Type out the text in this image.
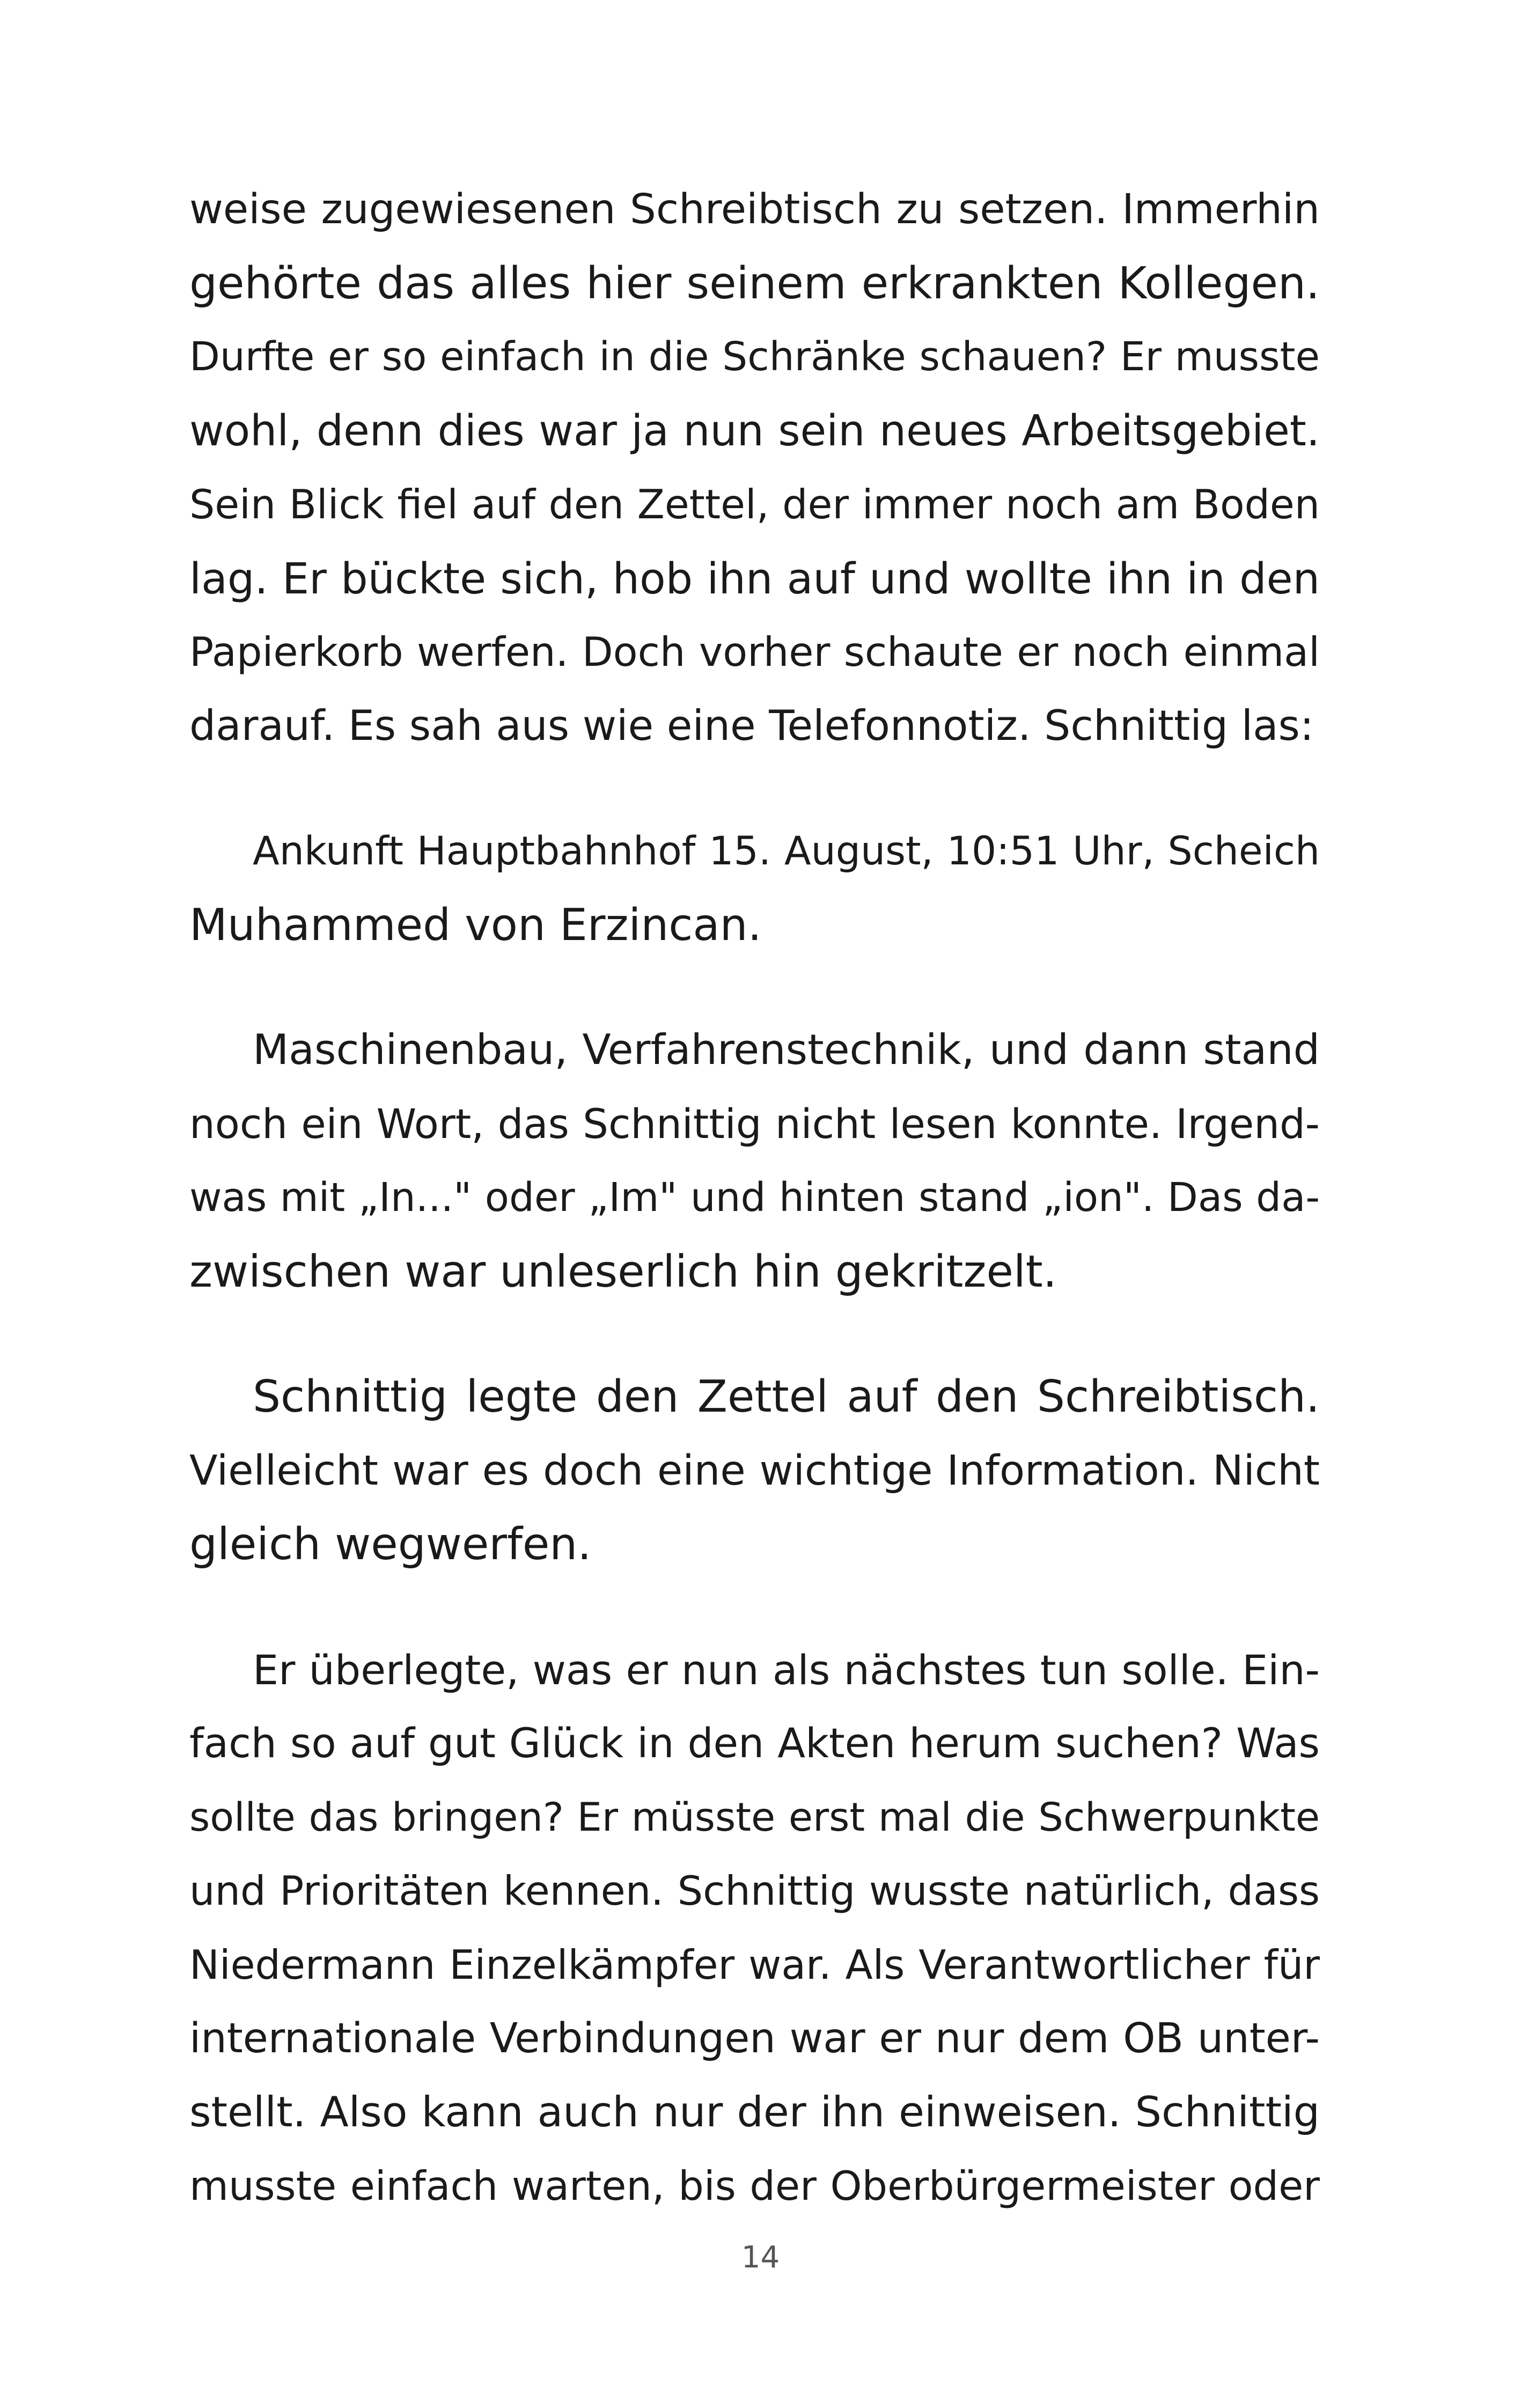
weise zugewiesenen Schreibtisch zu setzen. Immerhin
gehörte das alles hier seinem erkrankten Kollegen.
Durfte er so einfach in die Schränke schauen? Er musste
wohl, denn dies war ja nun sein neues Arbeitsgebiet.
Sein Blick fiel auf den Zettel, der immer noch am Boden
lag. Er bückte sich, hob ihn auf und wollte ihn in den
Papierkorb werfen. Doch vorher schaute er noch einmal
darauf. Es sah aus wie eine Telefonnotiz. Schnittig las:
Ankunft Hauptbahnhof 15. August, 10:51 Uhr, Scheich
Muhammed von Erzincan.
Maschinenbau, Verfahrenstechnik, und dann stand
noch ein Wort, das Schnittig nicht lesen konnte. Irgend-
was mit „In..." oder „Im" und hinten stand „ion". Das da-
zwischen war unleserlich hin gekritzelt.
Schnittig legte den Zettel auf den Schreibtisch.
Vielleicht war es doch eine wichtige Information. Nicht
gleich wegwerfen.
Er überlegte, was er nun als nächstes tun solle. Ein-
fach so auf gut Glück in den Akten herum suchen? Was
sollte das bringen? Er müsste erst mal die Schwerpunkte
und Prioritäten kennen. Schnittig wusste natürlich, dass
Niedermann Einzelkämpfer war. Als Verantwortlicher für
internationale Verbindungen war er nur dem OB unter-
stellt. Also kann auch nur der ihn einweisen. Schnittig
musste einfach warten, bis der Oberbürgermeister oder
14
